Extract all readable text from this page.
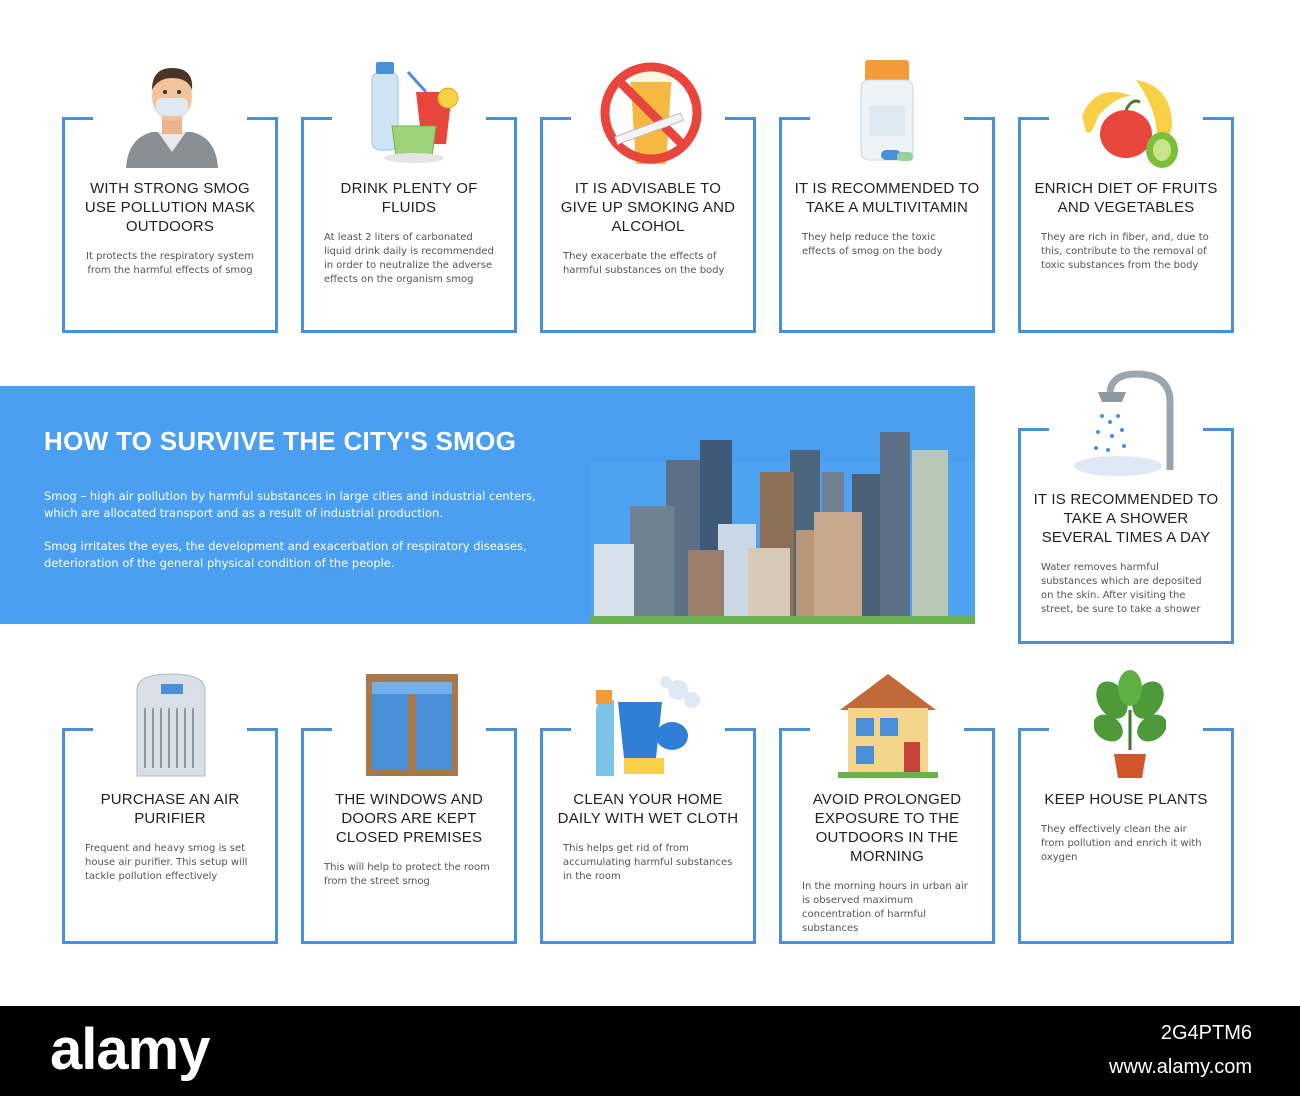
WITH STRONG SMOG USE POLLUTION MASK OUTDOORS
It protects the respiratory system from the harmful effects of smog
DRINK PLENTY OF FLUIDS
At least 2 liters of carbonated liquid drink daily is recommended in order to neutralize the adverse effects on the organism smog
IT IS ADVISABLE TO GIVE UP SMOKING AND ALCOHOL
They exacerbate the effects of harmful substances on the body
IT IS RECOMMENDED TO TAKE A MULTIVITAMIN
They help reduce the toxic effects of smog on the body
ENRICH DIET OF FRUITS AND VEGETABLES
They are rich in fiber, and, due to this, contribute to the removal of toxic substances from the body
HOW TO SURVIVE THE CITY'S SMOG
Smog – high air pollution by harmful substances in large cities and industrial centers, which are allocated transport and as a result of industrial production.
Smog irritates the eyes, the development and exacerbation of respiratory diseases, deterioration of the general physical condition of the people.
IT IS RECOMMENDED TO TAKE A SHOWER SEVERAL TIMES A DAY
Water removes harmful substances which are deposited on the skin. After visiting the street, be sure to take a shower
PURCHASE AN AIR PURIFIER
Frequent and heavy smog is set house air purifier. This setup will tackle pollution effectively
THE WINDOWS AND DOORS ARE KEPT CLOSED PREMISES
This will help to protect the room from the street smog
CLEAN YOUR HOME DAILY WITH WET CLOTH
This helps get rid of from accumulating harmful substances in the room
AVOID PROLONGED EXPOSURE TO THE OUTDOORS IN THE MORNING
In the morning hours in urban air is observed maximum concentration of harmful substances
KEEP HOUSE PLANTS
They effectively clean the air from pollution and enrich it with oxygen
alamy	2G4PTM6
www.alamy.com
